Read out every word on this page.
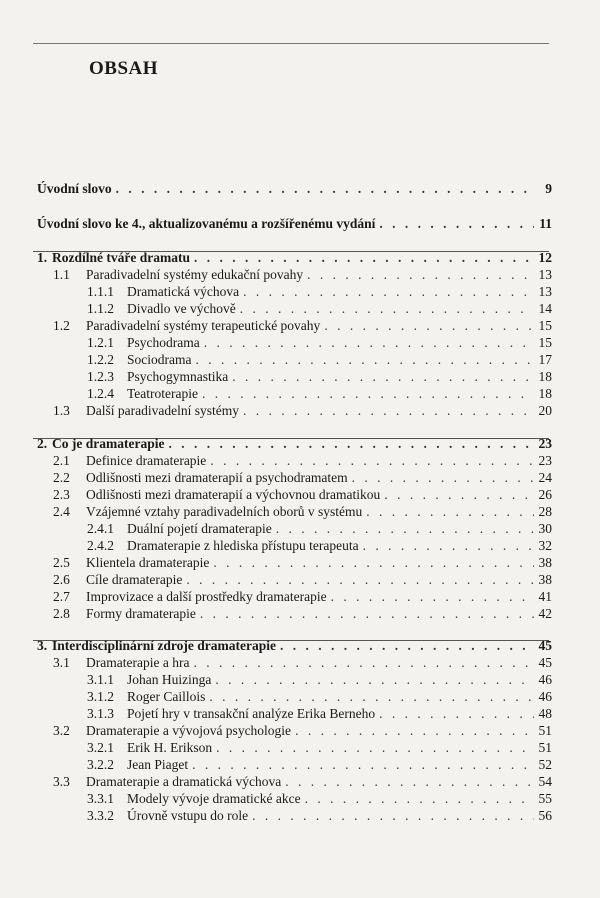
OBSAH
Úvodní slovo . . .	9
Úvodní slovo ke 4., aktualizovanému a rozšířenému vydání . . .	11
1. Rozdílné tváře dramatu . . .	12
1.1 Paradivadelní systémy edukační povahy . . .	13
1.1.1 Dramatická výchova . . .	13
1.1.2 Divadlo ve výchově . . .	14
1.2 Paradivadelní systémy terapeutické povahy . . .	15
1.2.1 Psychodrama . . .	15
1.2.2 Sociodrama . . .	17
1.2.3 Psychogymnastika . . .	18
1.2.4 Teatroterapie . . .	18
1.3 Další paradivadelní systémy . . .	20
2. Co je dramaterapie . . .	23
2.1 Definice dramaterapie . . .	23
2.2 Odlišnosti mezi dramaterapií a psychodramatem . . .	24
2.3 Odlišnosti mezi dramaterapií a výchovnou dramatikou . . .	26
2.4 Vzájemné vztahy paradivadelních oborů v systému . . .	28
2.4.1 Duální pojetí dramaterapie . . .	30
2.4.2 Dramaterapie z hlediska přístupu terapeuta . . .	32
2.5 Klientela dramaterapie . . .	38
2.6 Cíle dramaterapie . . .	38
2.7 Improvizace a další prostředky dramaterapie . . .	41
2.8 Formy dramaterapie . . .	42
3. Interdisciplinární zdroje dramaterapie . . .	45
3.1 Dramaterapie a hra . . .	45
3.1.1 Johan Huizinga . . .	46
3.1.2 Roger Caillois . . .	46
3.1.3 Pojetí hry v transakční analýze Erika Berneho . . .	48
3.2 Dramaterapie a vývojová psychologie . . .	51
3.2.1 Erik H. Erikson . . .	51
3.2.2 Jean Piaget . . .	52
3.3 Dramaterapie a dramatická výchova . . .	54
3.3.1 Modely vývoje dramatické akce . . .	55
3.3.2 Úrovně vstupu do role . . .	56
